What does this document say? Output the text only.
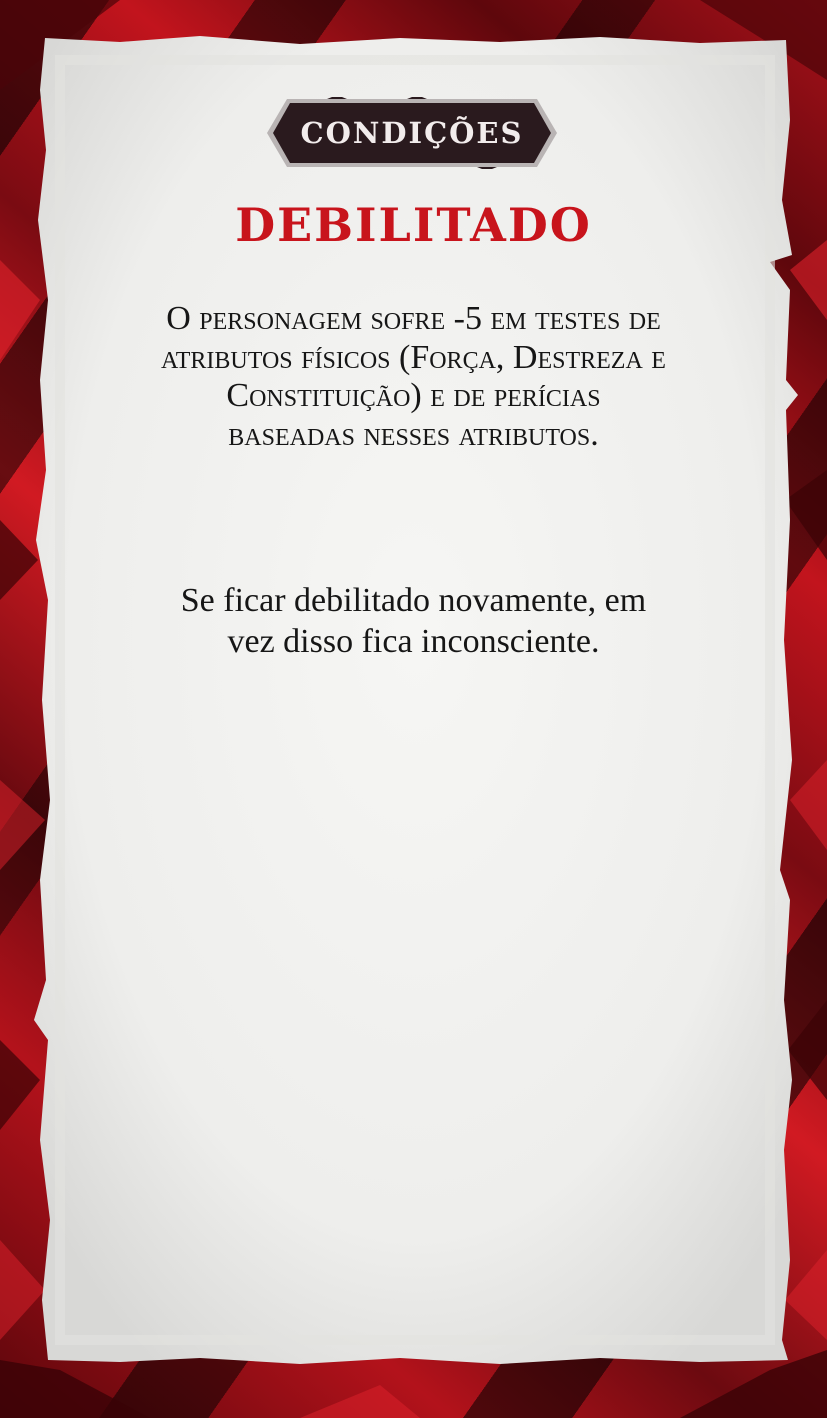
CONDIÇÕES
DEBILITADO
O personagem sofre -5 em testes de atributos físicos (Força, Destreza e Constituição) e de perícias baseadas nesses atributos.
Se ficar debilitado novamente, em vez disso fica inconsciente.
